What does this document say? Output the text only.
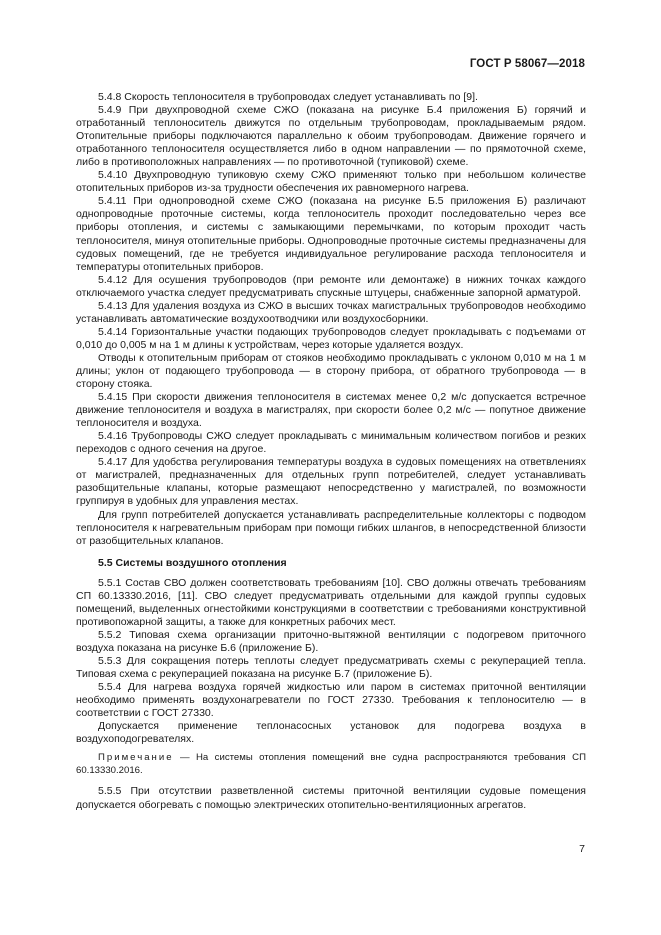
ГОСТ Р 58067—2018

5.4.8 Скорость теплоносителя в трубопроводах следует устанавливать по [9].

5.4.9 При двухпроводной схеме СЖО (показана на рисунке Б.4 приложения Б) горячий и отработанный теплоноситель движутся по отдельным трубопроводам, прокладываемым рядом. Отопительные приборы подключаются параллельно к обоим трубопроводам. Движение горячего и отработанного теплоносителя осуществляется либо в одном направлении — по прямоточной схеме, либо в противоположных направлениях — по противоточной (тупиковой) схеме.

5.4.10 Двухпроводную тупиковую схему СЖО применяют только при небольшом количестве отопительных приборов из-за трудности обеспечения их равномерного нагрева.

5.4.11 При однопроводной схеме СЖО (показана на рисунке Б.5 приложения Б) различают однопроводные проточные системы, когда теплоноситель проходит последовательно через все приборы отопления, и системы с замыкающими перемычками, по которым проходит часть теплоносителя, минуя отопительные приборы. Однопроводные проточные системы предназначены для судовых помещений, где не требуется индивидуальное регулирование расхода теплоносителя и температуры отопительных приборов.

5.4.12 Для осушения трубопроводов (при ремонте или демонтаже) в нижних точках каждого отключаемого участка следует предусматривать спускные штуцеры, снабженные запорной арматурой.

5.4.13 Для удаления воздуха из СЖО в высших точках магистральных трубопроводов необходимо устанавливать автоматические воздухоотводчики или воздухосборники.

5.4.14 Горизонтальные участки подающих трубопроводов следует прокладывать с подъемами от 0,010 до 0,005 м на 1 м длины к устройствам, через которые удаляется воздух.

Отводы к отопительным приборам от стояков необходимо прокладывать с уклоном 0,010 м на 1 м длины; уклон от подающего трубопровода — в сторону прибора, от обратного трубопровода — в сторону стояка.

5.4.15 При скорости движения теплоносителя в системах менее 0,2 м/с допускается встречное движение теплоносителя и воздуха в магистралях, при скорости более 0,2 м/с — попутное движение теплоносителя и воздуха.

5.4.16 Трубопроводы СЖО следует прокладывать с минимальным количеством погибов и резких переходов с одного сечения на другое.

5.4.17 Для удобства регулирования температуры воздуха в судовых помещениях на ответвлениях от магистралей, предназначенных для отдельных групп потребителей, следует устанавливать разобщительные клапаны, которые размещают непосредственно у магистралей, по возможности группируя в удобных для управления местах.

Для групп потребителей допускается устанавливать распределительные коллекторы с подводом теплоносителя к нагревательным приборам при помощи гибких шлангов, в непосредственной близости от разобщительных клапанов.

5.5 Системы воздушного отопления

5.5.1 Состав СВО должен соответствовать требованиям [10]. СВО должны отвечать требованиям СП 60.13330.2016, [11]. СВО следует предусматривать отдельными для каждой группы судовых помещений, выделенных огнестойкими конструкциями в соответствии с требованиями конструктивной противопожарной защиты, а также для конкретных рабочих мест.

5.5.2 Типовая схема организации приточно-вытяжной вентиляции с подогревом приточного воздуха показана на рисунке Б.6 (приложение Б).

5.5.3 Для сокращения потерь теплоты следует предусматривать схемы с рекуперацией тепла. Типовая схема с рекуперацией показана на рисунке Б.7 (приложение Б).

5.5.4 Для нагрева воздуха горячей жидкостью или паром в системах приточной вентиляции необходимо применять воздухонагреватели по ГОСТ 27330. Требования к теплоносителю — в соответствии с ГОСТ 27330.

Допускается применение теплонасосных установок для подогрева воздуха в воздухоподогревателях.

Примечание — На системы отопления помещений вне судна распространяются требования СП 60.13330.2016.

5.5.5 При отсутствии разветвленной системы приточной вентиляции судовые помещения допускается обогревать с помощью электрических отопительно-вентиляционных агрегатов.

7
